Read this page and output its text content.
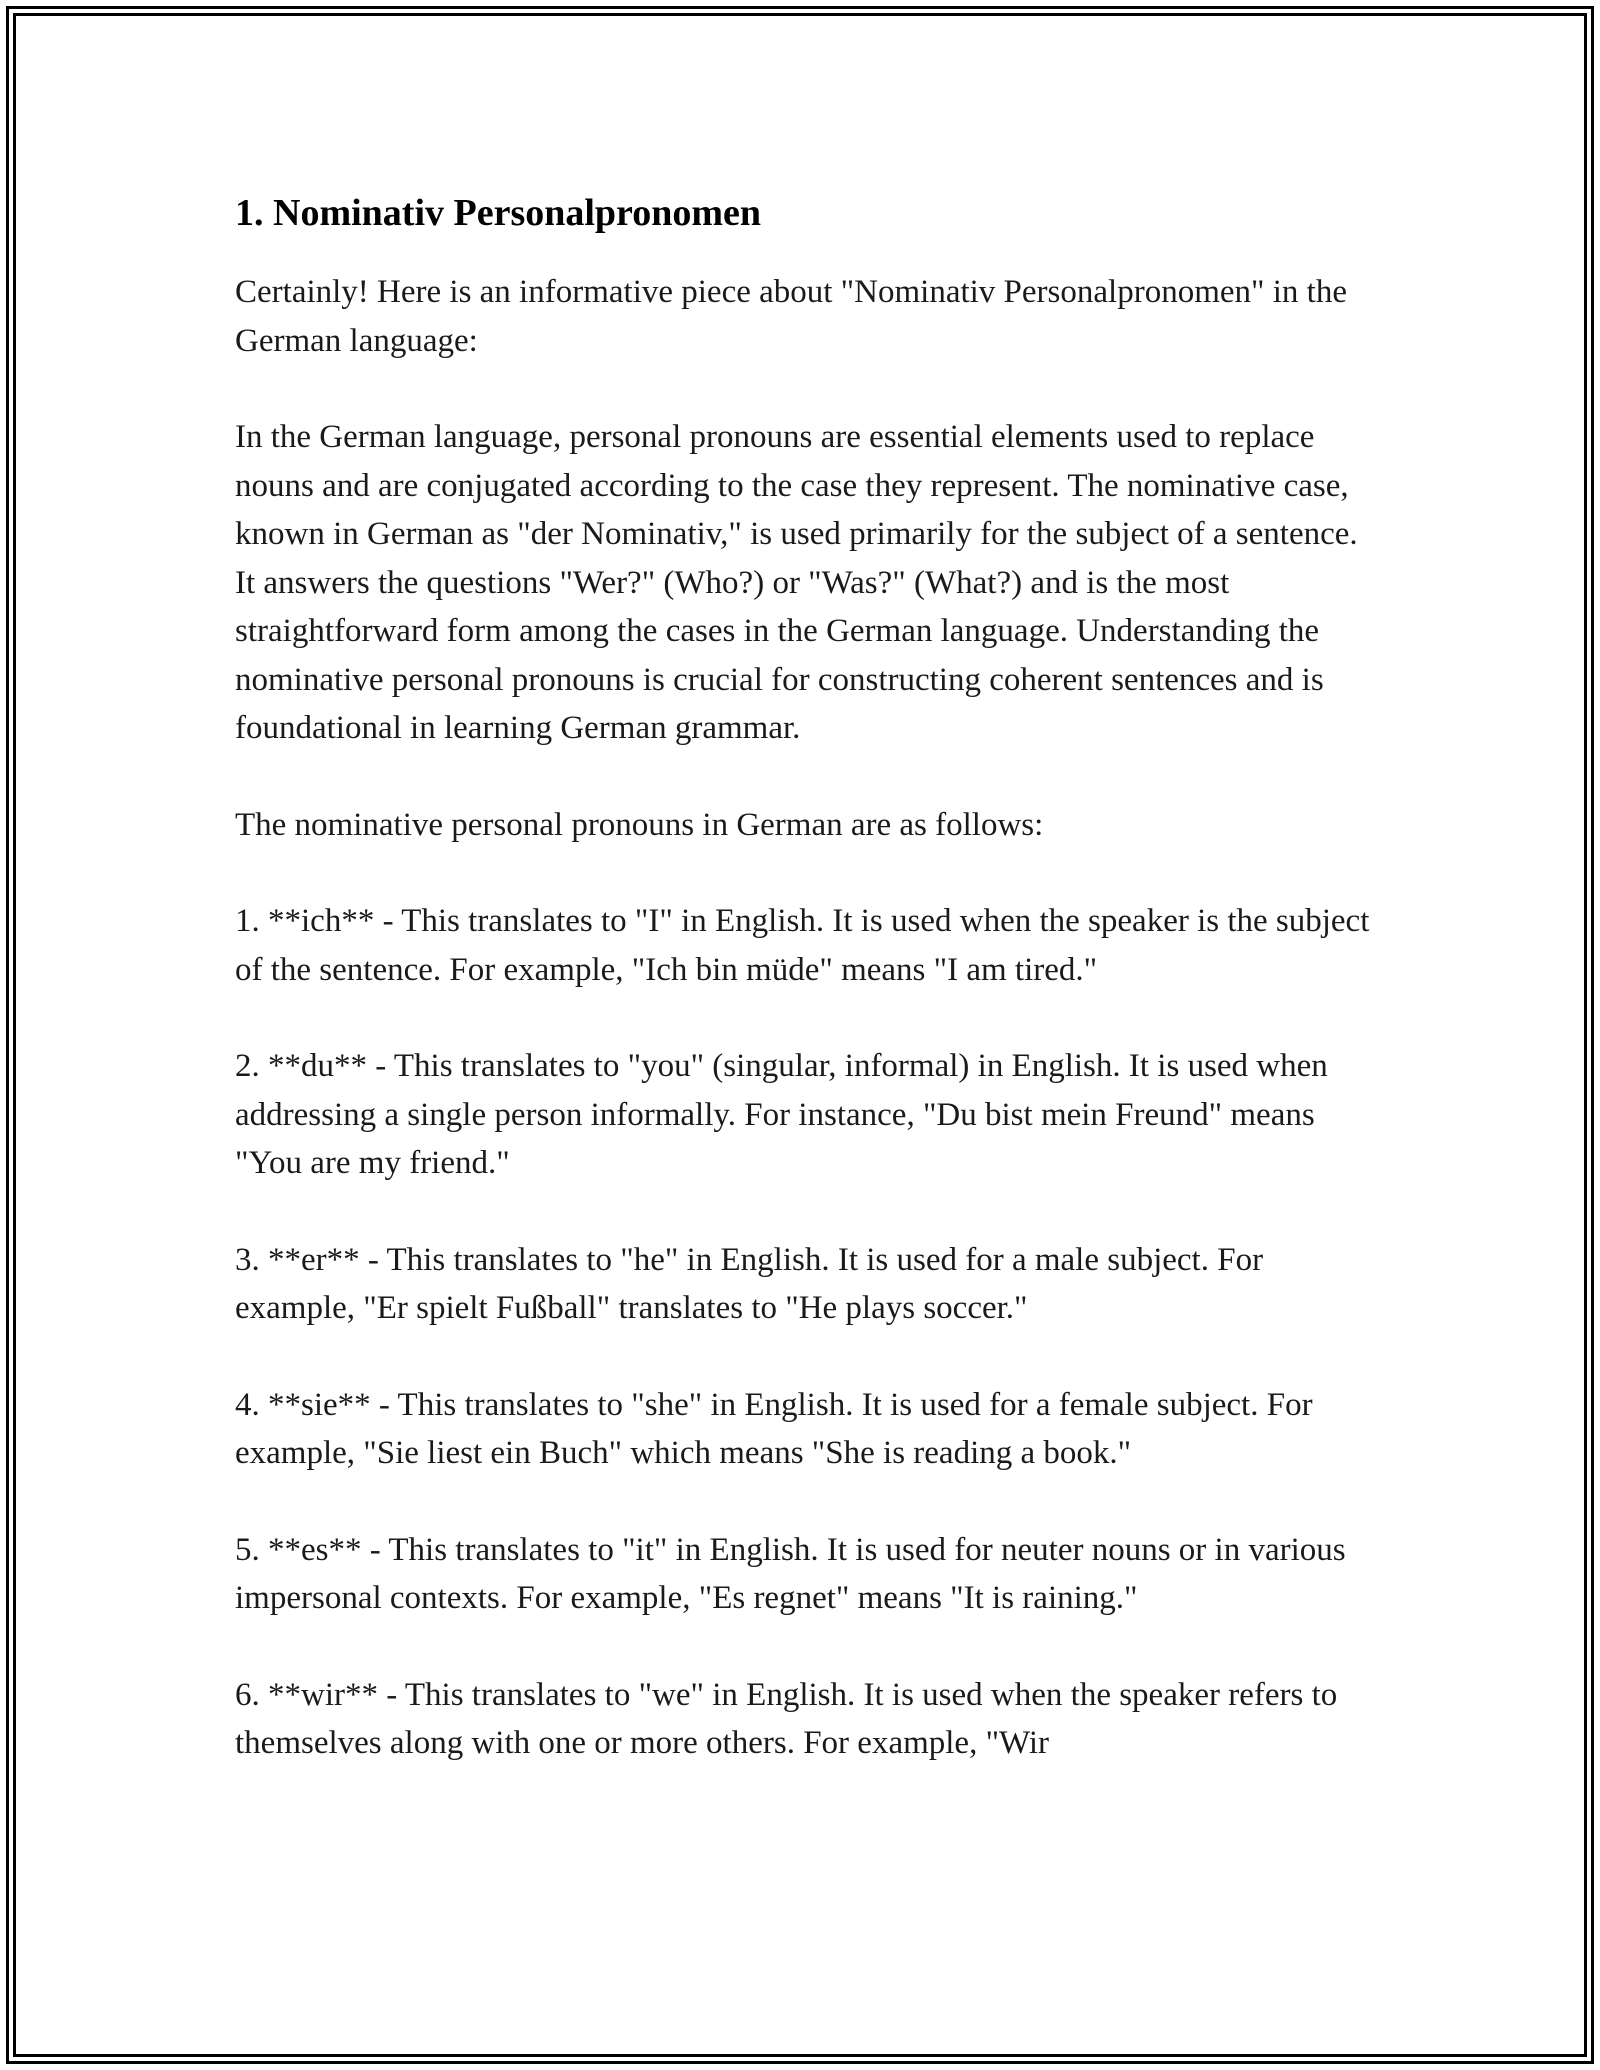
1. Nominativ Personalpronomen

Certainly! Here is an informative piece about "Nominativ Personalpronomen" in the German language:

In the German language, personal pronouns are essential elements used to replace nouns and are conjugated according to the case they represent. The nominative case, known in German as "der Nominativ," is used primarily for the subject of a sentence. It answers the questions "Wer?" (Who?) or "Was?" (What?) and is the most straightforward form among the cases in the German language. Understanding the nominative personal pronouns is crucial for constructing coherent sentences and is foundational in learning German grammar.

The nominative personal pronouns in German are as follows:

1. **ich** - This translates to "I" in English. It is used when the speaker is the subject of the sentence. For example, "Ich bin müde" means "I am tired."

2. **du** - This translates to "you" (singular, informal) in English. It is used when addressing a single person informally. For instance, "Du bist mein Freund" means "You are my friend."

3. **er** - This translates to "he" in English. It is used for a male subject. For example, "Er spielt Fußball" translates to "He plays soccer."

4. **sie** - This translates to "she" in English. It is used for a female subject. For example, "Sie liest ein Buch" which means "She is reading a book."

5. **es** - This translates to "it" in English. It is used for neuter nouns or in various impersonal contexts. For example, "Es regnet" means "It is raining."

6. **wir** - This translates to "we" in English. It is used when the speaker refers to themselves along with one or more others. For example, "Wir
